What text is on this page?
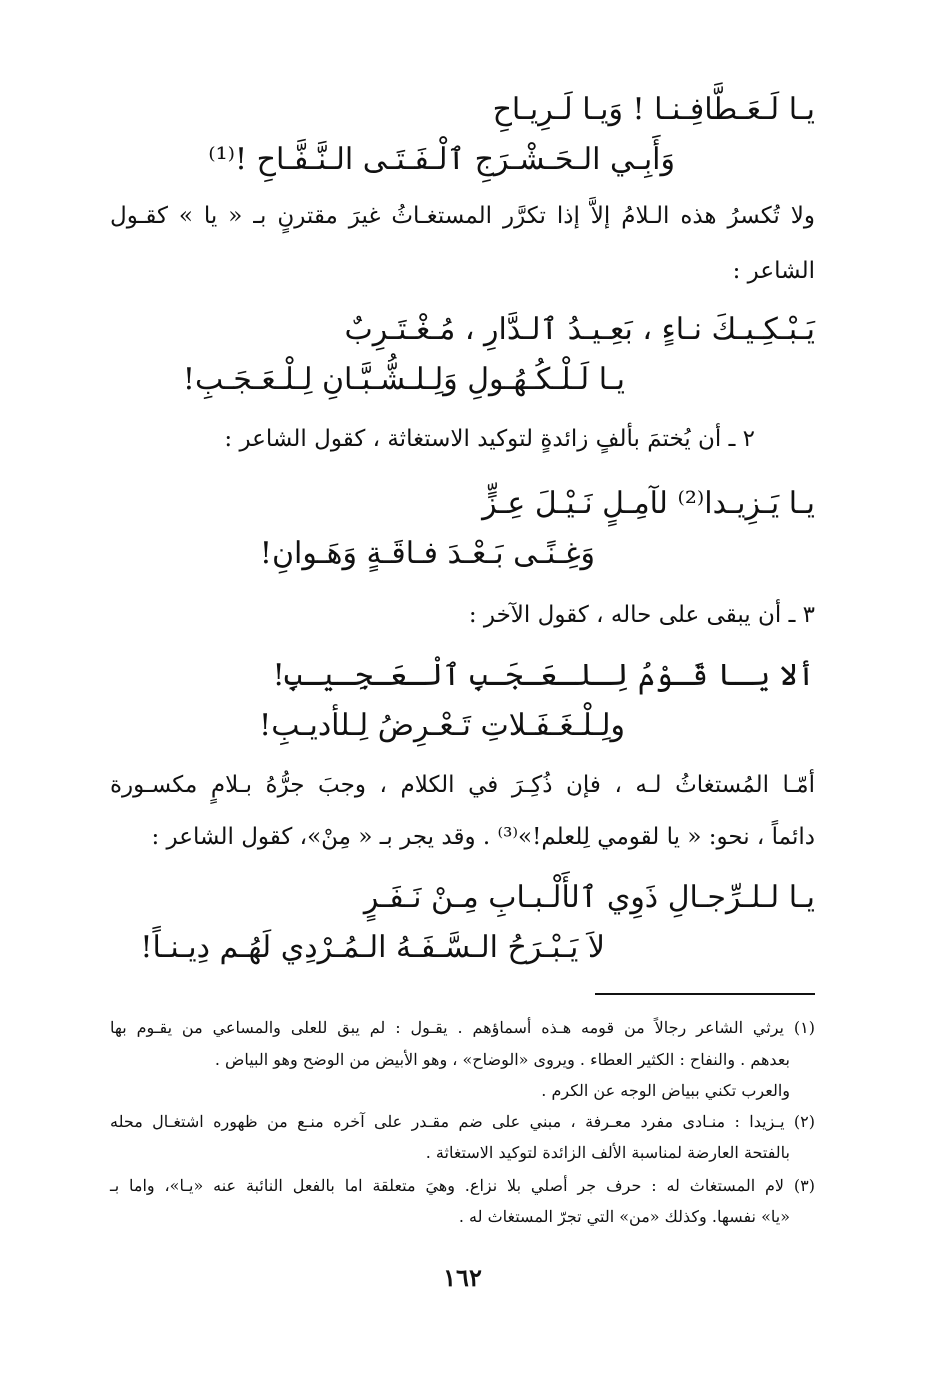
يـا لَـعَـطَّافِـنـا ! وَيـا لَـرِيـاحِ
وَأَبِـي الـحَـشْـرَجِ ٱلْـفَـتَـى الـنَّـفَّـاحِ !⁽¹⁾
ولا تُكسرُ هذه الـلامُ إلاَّ إذا تكرَّر المستغـاثُ غيرَ مقترنٍ بـ « يا » كقـول
الشاعر :
يَـبْـكِـيـكَ نـاءٍ ، بَعِـيـدُ ٱلـدَّارِ ، مُـغْـتَـرِبٌ
يـا لَـلْـكُـهُـولِ وَلِـلـشُّـبَّـانِ لِـلْـعَـجَـبِ!
٢ ـ أن يُختمَ بألفٍ زائدةٍ لتوكيد الاستغاثة ، كقول الشاعر :
يـا يَـزِيـدا⁽²⁾ لآمِـلٍ نَـيْـلَ عِـزٍّ
وَغِـنًـى بَـعْـدَ فـاقَـةٍ وَهَـوانِ!
٣ ـ أن يبقى على حاله ، كقول الآخر :
ألا يـا قَـوْمُ لِـلـعَـجَـبِ ٱلْـعَـجِـيـبِ!
ولِـلْـغَـفَـلاتِ تَـعْـرِضُ لِـلأديـبِ!
أمّـا المُستغاثُ لـه ، فإن ذُكِـرَ في الكلام ، وجبَ جرُّهُ بـلامٍ مكسـورة
دائماً ، نحو: « يا لقومي لِلعلم!»⁽³⁾ . وقد يجر بـ « مِنْ»، كقول الشاعر :
يـا لـلـرِّجـالِ ذَوِي ٱلأَلْـبـابِ مِـنْ نَـفَـرٍ
لاَ يَـبْـرَحُ الـسَّـفَـهُ الـمُـرْدِي لَهُـم دِيـنـاً!
(١) يرثي الشاعر رجالاً من قومه هـذه أسماؤهم . يقـول : لم يبق للعلى والمساعي من يقـوم بها
بعدهم . والنفاح : الكثير العطاء . ويروى «الوضاح» ، وهو الأبيض من الوضح وهو البياض .
والعرب تكني ببياض الوجه عن الكرم .
(٢) يـزيدا : منـادى مفرد معـرفة ، مبني على ضم مقـدر على آخره منـع من ظهوره اشتغـال محله
بالفتحة العارضة لمناسبة الألف الزائدة لتوكيد الاستغاثة .
(٣) لام المستغاث له : حرف جر أصلي بلا نزاع. وهيَ متعلقة اما بالفعل النائبة عنه «يـا»، واما بـ
«يا» نفسها. وكذلك «من» التي تجرّ المستغاث له .
١٦٢
